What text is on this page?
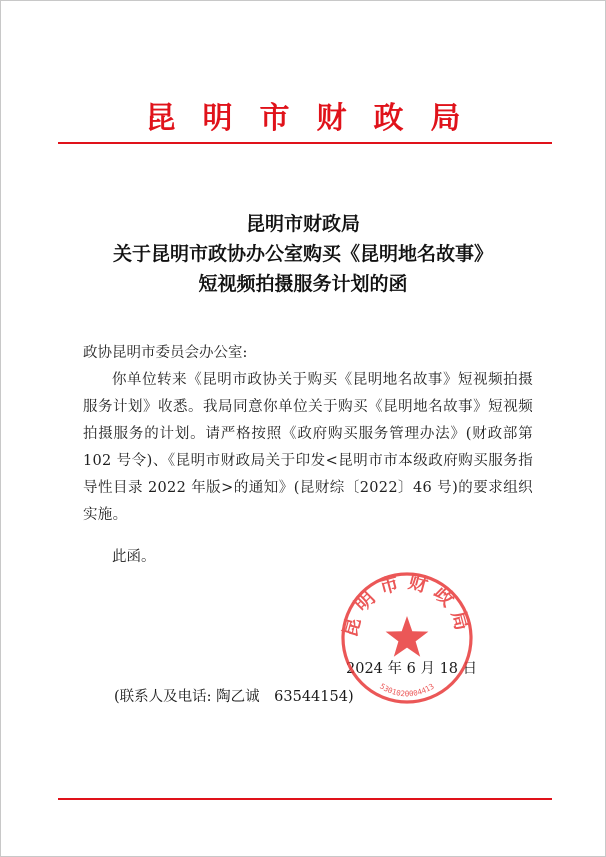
昆明市财政局
昆明市财政局
关于昆明市政协办公室购买《昆明地名故事》
短视频拍摄服务计划的函
政协昆明市委员会办公室:
你单位转来《昆明市政协关于购买《昆明地名故事》短视频拍摄服务计划》收悉。我局同意你单位关于购买《昆明地名故事》短视频拍摄服务的计划。请严格按照《政府购买服务管理办法》(财政部第 102 号令)、《昆明市财政局关于印发<昆明市市本级政府购买服务指导性目录 2022 年版>的通知》(昆财综〔2022〕46 号)的要求组织实施。
此函。
2024 年 6 月 18 日
昆明市财政局
5301020004413
(联系人及电话: 陶乙诚　63544154)
